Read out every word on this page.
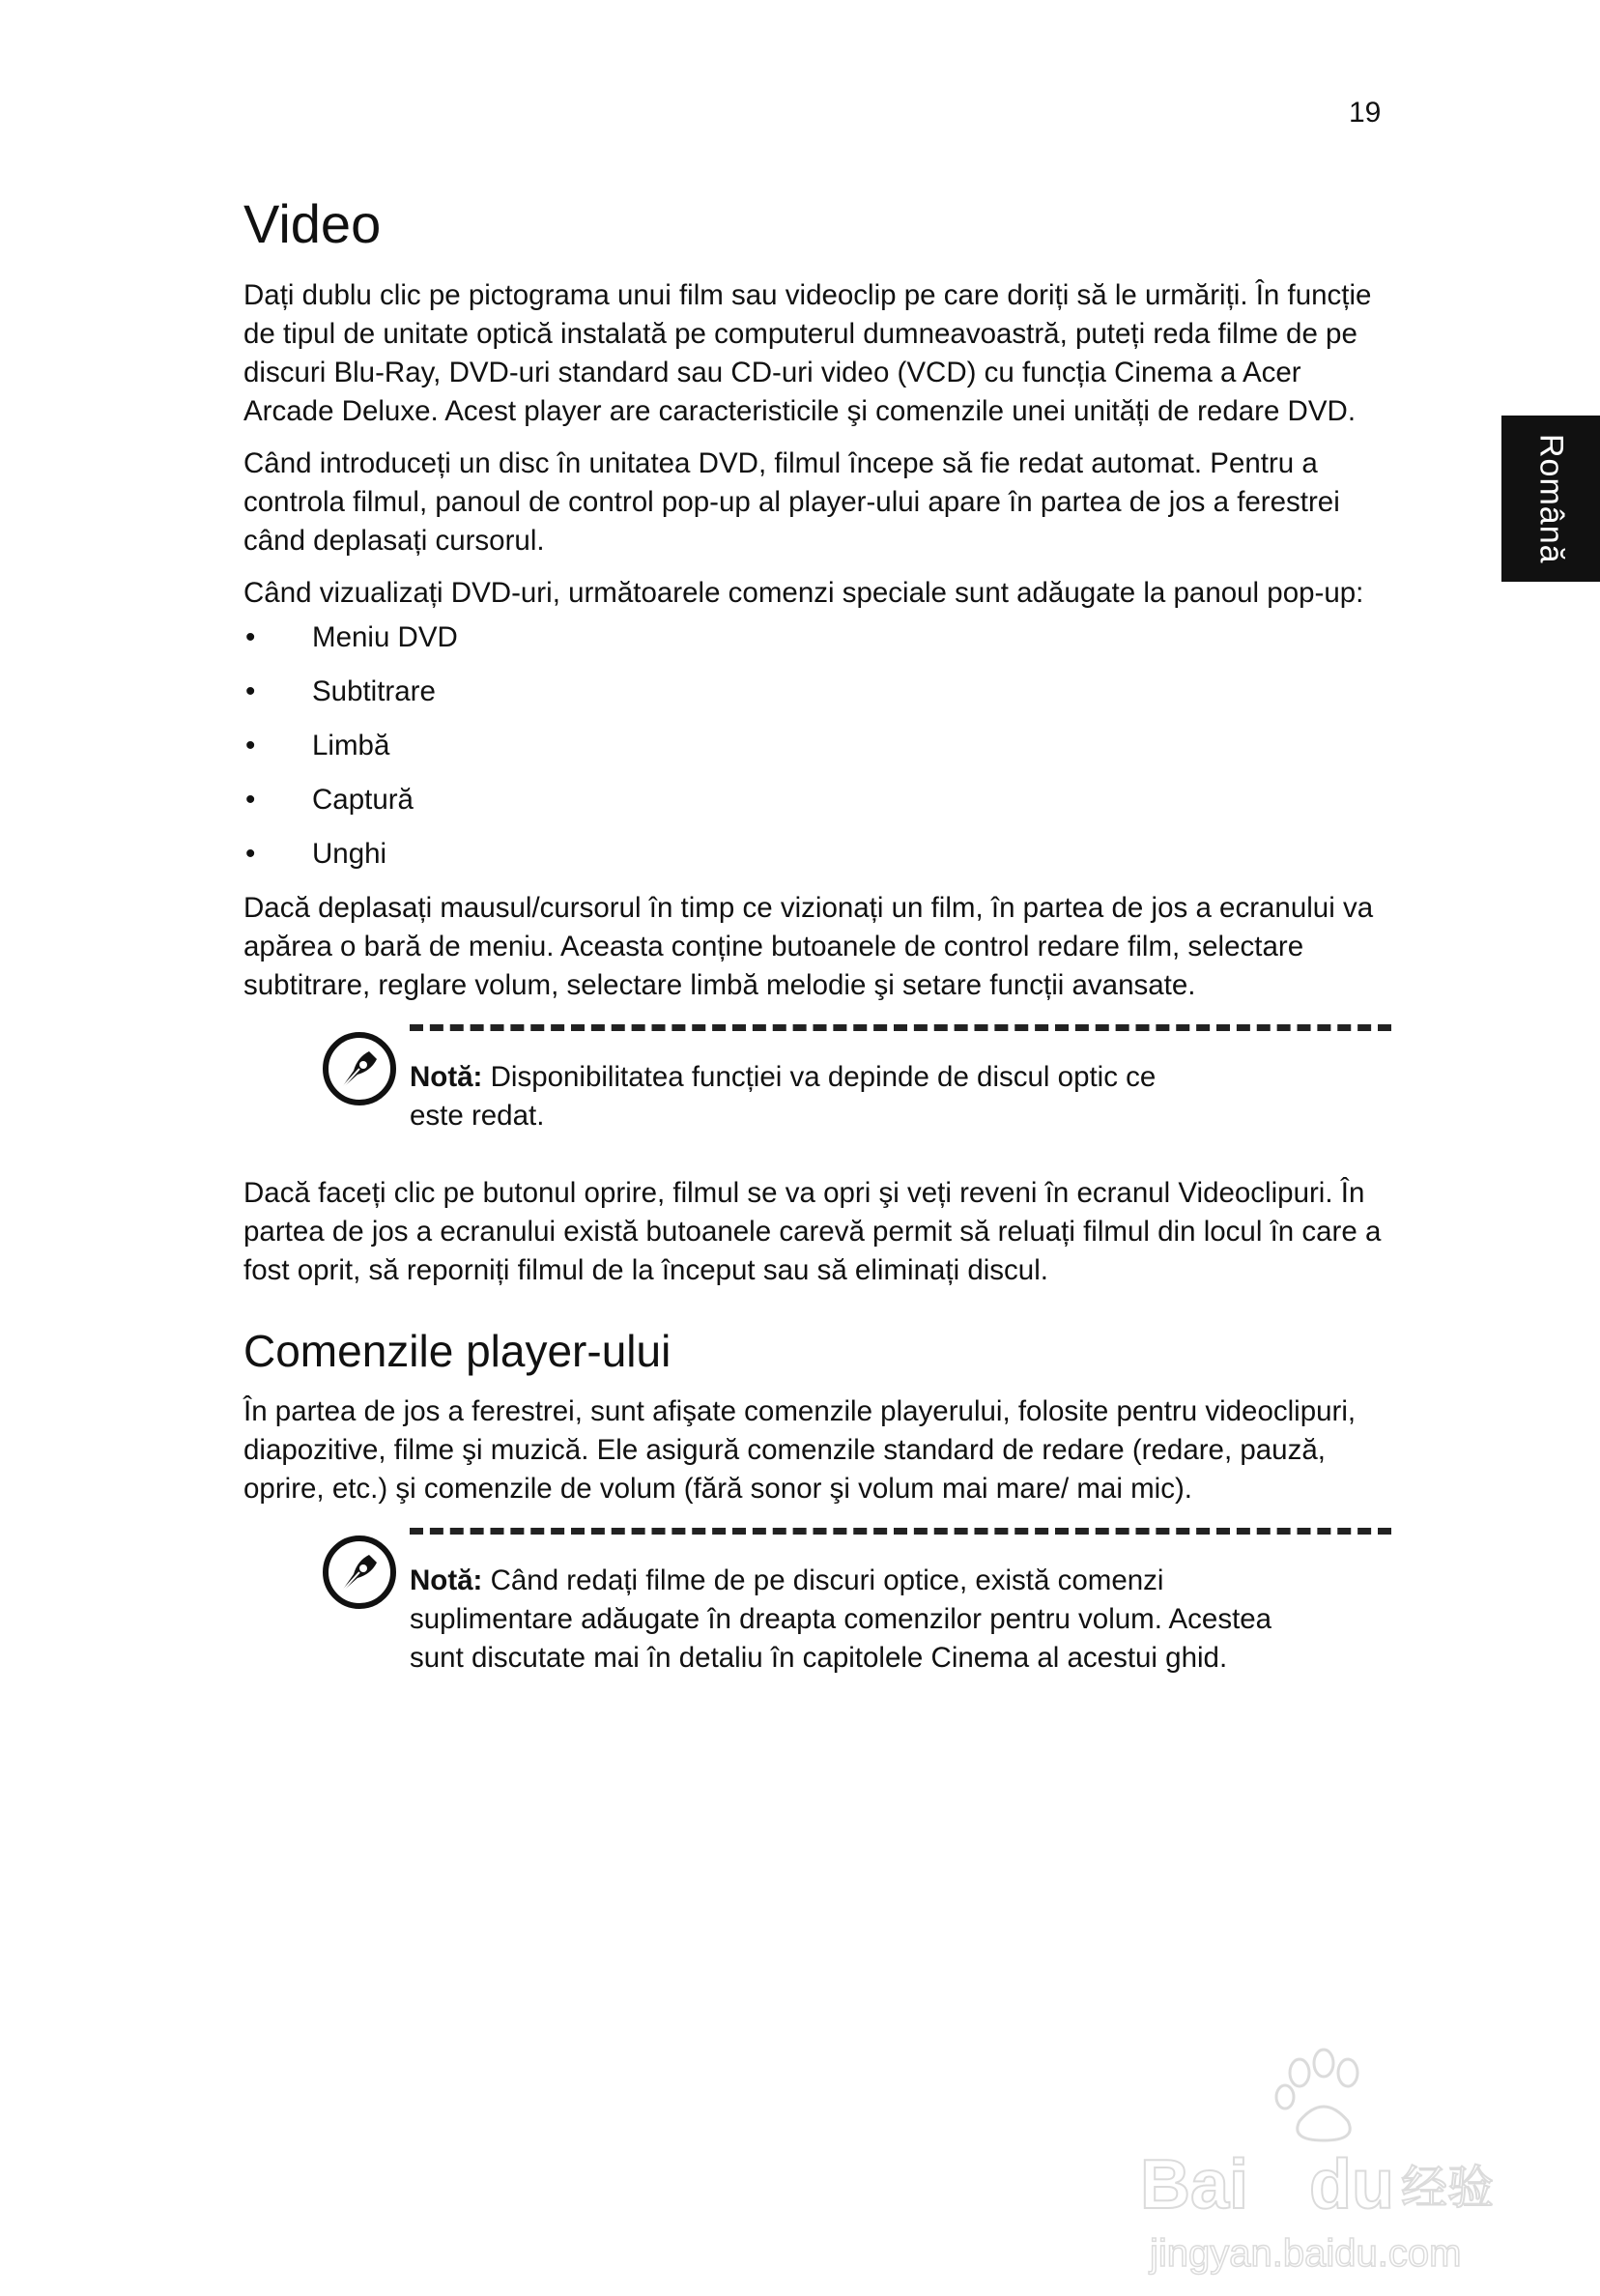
19
Română
Video

Dați dublu clic pe pictograma unui film sau videoclip pe care doriți să le urmăriți. În funcție de tipul de unitate optică instalată pe computerul dumneavoastră, puteți reda filme de pe discuri Blu-Ray, DVD-uri standard sau CD-uri video (VCD) cu funcția Cinema a Acer Arcade Deluxe. Acest player are caracteristicile şi comenzile unei unități de redare DVD.

Când introduceți un disc în unitatea DVD, filmul începe să fie redat automat. Pentru a controla filmul, panoul de control pop-up al player-ului apare în partea de jos a ferestrei când deplasați cursorul.

Când vizualizați DVD-uri, următoarele comenzi speciale sunt adăugate la panoul pop-up:

• Meniu DVD
• Subtitrare
• Limbă
• Captură
• Unghi

Dacă deplasați mausul/cursorul în timp ce vizionați un film, în partea de jos a ecranului va apărea o bară de meniu. Aceasta conține butoanele de control redare film, selectare subtitrare, reglare volum, selectare limbă melodie şi setare funcții avansate.

Notă: Disponibilitatea funcției va depinde de discul optic ce este redat.

Dacă faceți clic pe butonul oprire, filmul se va opri şi veți reveni în ecranul Videoclipuri. În partea de jos a ecranului există butoanele carevă permit să reluați filmul din locul în care a fost oprit, să reporniți filmul de la început sau să eliminați discul.

Comenzile player-ului

În partea de jos a ferestrei, sunt afişate comenzile playerului, folosite pentru videoclipuri, diapozitive, filme şi muzică. Ele asigură comenzile standard de redare (redare, pauză, oprire, etc.) şi comenzile de volum (fără sonor şi volum mai mare/ mai mic).

Notă: Când redați filme de pe discuri optice, există comenzi suplimentare adăugate în dreapta comenzilor pentru volum. Acestea sunt discutate mai în detaliu în capitolele Cinema al acestui ghid.
Bai du 经验
jingyan.baidu.com
